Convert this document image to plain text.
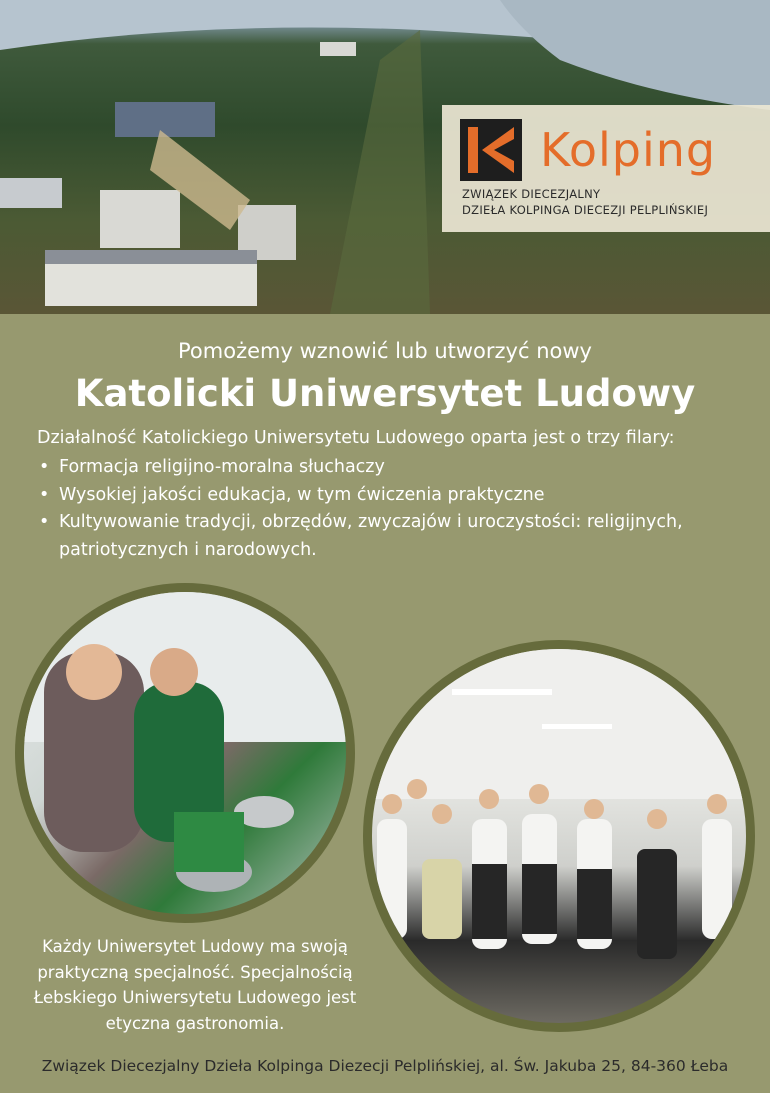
Kolping
ZWIĄZEK DIECEZJALNY
DZIEŁA KOLPINGA DIECEZJI PELPLIŃSKIEJ
Pomożemy wznowić lub utworzyć nowy
Katolicki Uniwersytet Ludowy
Działalność Katolickiego Uniwersytetu Ludowego oparta jest o trzy filary:
• Formacja religijno-moralna słuchaczy
• Wysokiej jakości edukacja, w tym ćwiczenia praktyczne
• Kultywowanie tradycji, obrzędów, zwyczajów i uroczystości: religijnych, patriotycznych i narodowych.
Każdy Uniwersytet Ludowy ma swoją praktyczną specjalność. Specjalnością Łebskiego Uniwersytetu Ludowego jest etyczna gastronomia.
Związek Diecezjalny Dzieła Kolpinga Diezecji Pelplińskiej, al. Św. Jakuba 25, 84-360 Łeba
